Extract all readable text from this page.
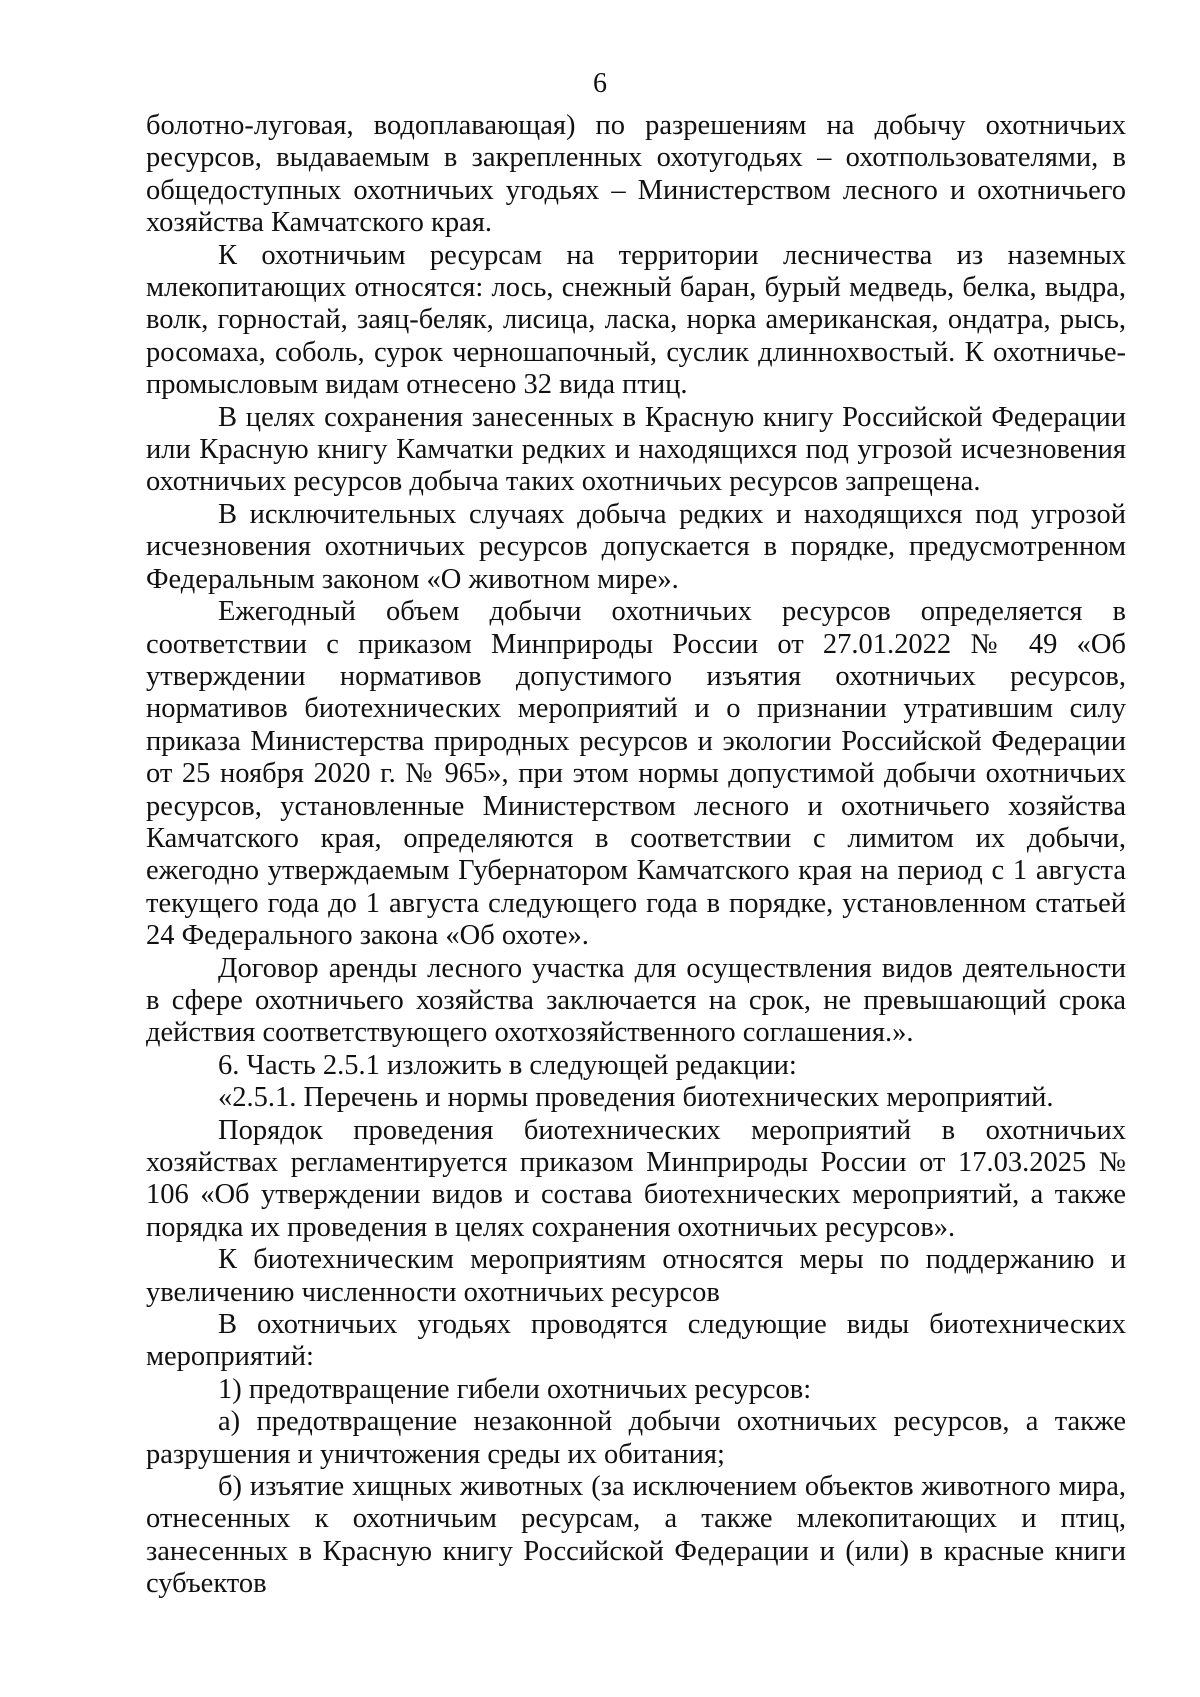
6

болотно-луговая, водоплавающая) по разрешениям на добычу охотничьих ресурсов, выдаваемым в закрепленных охотугодьях – охотпользователями, в общедоступных охотничьих угодьях – Министерством лесного и охотничьего хозяйства Камчатского края.

К охотничьим ресурсам на территории лесничества из наземных млекопитающих относятся: лось, снежный баран, бурый медведь, белка, выдра, волк, горностай, заяц-беляк, лисица, ласка, норка американская, ондатра, рысь, росомаха, соболь, сурок черношапочный, суслик длиннохвостый. К охотничье-промысловым видам отнесено 32 вида птиц.

В целях сохранения занесенных в Красную книгу Российской Федерации или Красную книгу Камчатки редких и находящихся под угрозой исчезновения охотничьих ресурсов добыча таких охотничьих ресурсов запрещена.

В исключительных случаях добыча редких и находящихся под угрозой исчезновения охотничьих ресурсов допускается в порядке, предусмотренном Федеральным законом «О животном мире».

Ежегодный объем добычи охотничьих ресурсов определяется в соответствии с приказом Минприроды России от 27.01.2022 № 49 «Об утверждении нормативов допустимого изъятия охотничьих ресурсов, нормативов биотехнических мероприятий и о признании утратившим силу приказа Министерства природных ресурсов и экологии Российской Федерации от 25 ноября 2020 г. № 965», при этом нормы допустимой добычи охотничьих ресурсов, установленные Министерством лесного и охотничьего хозяйства Камчатского края, определяются в соответствии с лимитом их добычи, ежегодно утверждаемым Губернатором Камчатского края на период с 1 августа текущего года до 1 августа следующего года в порядке, установленном статьей 24 Федерального закона «Об охоте».

Договор аренды лесного участка для осуществления видов деятельности в сфере охотничьего хозяйства заключается на срок, не превышающий срока действия соответствующего охотхозяйственного соглашения.».

6. Часть 2.5.1 изложить в следующей редакции:

«2.5.1. Перечень и нормы проведения биотехнических мероприятий.

Порядок проведения биотехнических мероприятий в охотничьих хозяйствах регламентируется приказом Минприроды России от 17.03.2025 № 106 «Об утверждении видов и состава биотехнических мероприятий, а также порядка их проведения в целях сохранения охотничьих ресурсов».

К биотехническим мероприятиям относятся меры по поддержанию и увеличению численности охотничьих ресурсов

В охотничьих угодьях проводятся следующие виды биотехнических мероприятий:

1) предотвращение гибели охотничьих ресурсов:

а) предотвращение незаконной добычи охотничьих ресурсов, а также разрушения и уничтожения среды их обитания;

б) изъятие хищных животных (за исключением объектов животного мира, отнесенных к охотничьим ресурсам, а также млекопитающих и птиц, занесенных в Красную книгу Российской Федерации и (или) в красные книги субъектов
